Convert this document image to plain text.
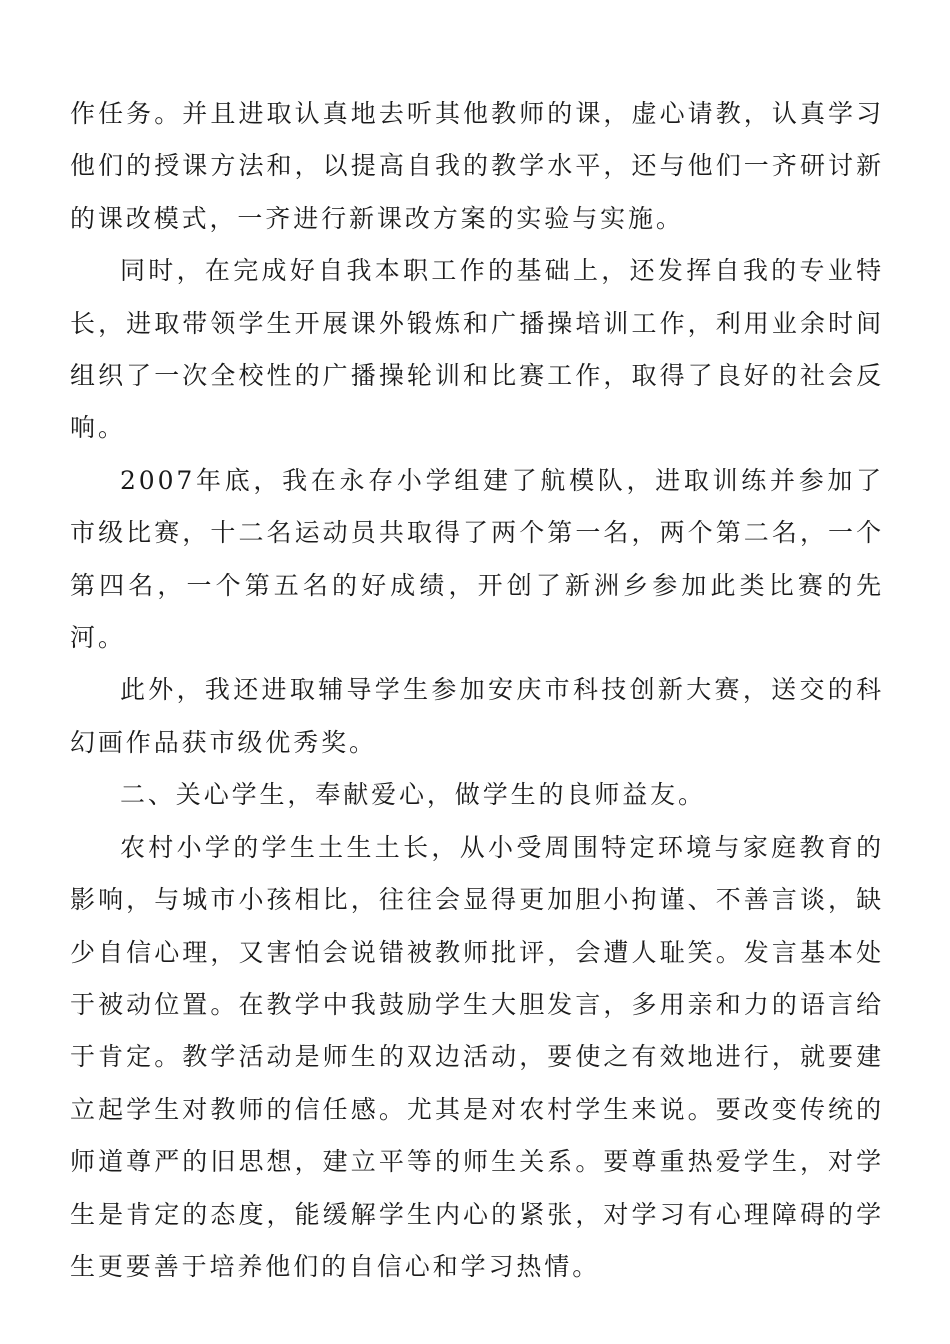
作任务。并且进取认真地去听其他教师的课，虚心请教，认真学习他们的授课方法和，以提高自我的教学水平，还与他们一齐研讨新的课改模式，一齐进行新课改方案的实验与实施。

同时，在完成好自我本职工作的基础上，还发挥自我的专业特长，进取带领学生开展课外锻炼和广播操培训工作，利用业余时间组织了一次全校性的广播操轮训和比赛工作，取得了良好的社会反响。

2007年底，我在永存小学组建了航模队，进取训练并参加了市级比赛，十二名运动员共取得了两个第一名，两个第二名，一个第四名，一个第五名的好成绩，开创了新洲乡参加此类比赛的先河。

此外，我还进取辅导学生参加安庆市科技创新大赛，送交的科幻画作品获市级优秀奖。

二、关心学生，奉献爱心，做学生的良师益友。

农村小学的学生土生土长，从小受周围特定环境与家庭教育的影响，与城市小孩相比，往往会显得更加胆小拘谨、不善言谈，缺少自信心理，又害怕会说错被教师批评，会遭人耻笑。发言基本处于被动位置。在教学中我鼓励学生大胆发言，多用亲和力的语言给于肯定。教学活动是师生的双边活动，要使之有效地进行，就要建立起学生对教师的信任感。尤其是对农村学生来说。要改变传统的师道尊严的旧思想，建立平等的师生关系。要尊重热爱学生，对学生是肯定的态度，能缓解学生内心的紧张，对学习有心理障碍的学生更要善于培养他们的自信心和学习热情。
